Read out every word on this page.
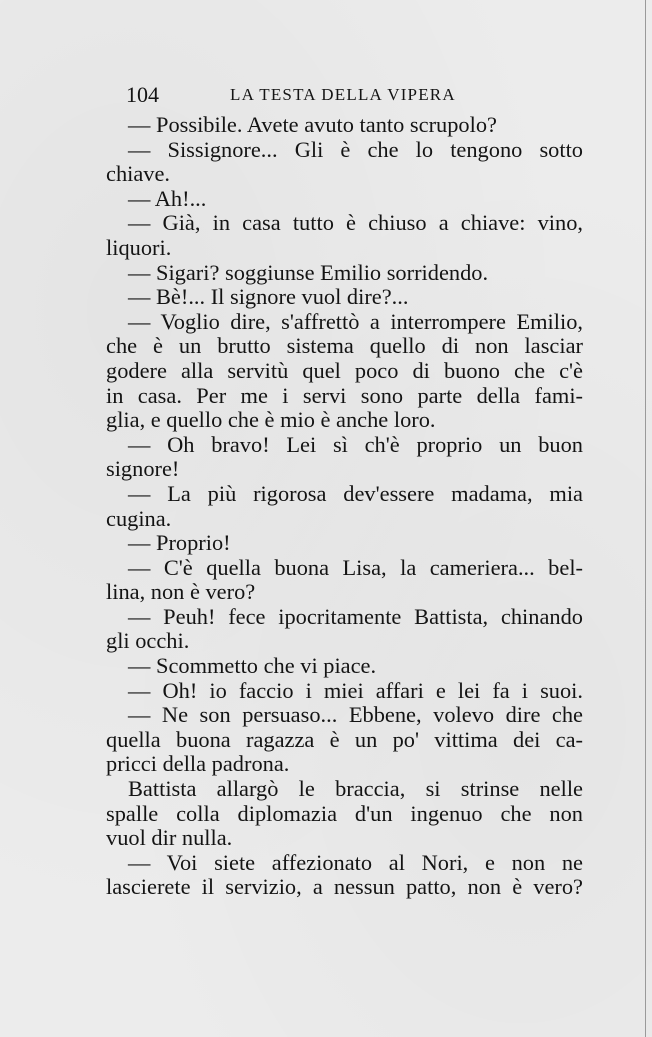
104	LA TESTA DELLA VIPERA
— Possibile. Avete avuto tanto scrupolo?
— Sissignore... Gli è che lo tengono sotto
chiave.
— Ah!...
— Già, in casa tutto è chiuso a chiave: vino,
liquori.
— Sigari? soggiunse Emilio sorridendo.
— Bè!... Il signore vuol dire?...
— Voglio dire, s'affrettò a interrompere Emilio,
che è un brutto sistema quello di non lasciar
godere alla servitù quel poco di buono che c'è
in casa. Per me i servi sono parte della fami-
glia, e quello che è mio è anche loro.
— Oh bravo! Lei sì ch'è proprio un buon
signore!
— La più rigorosa dev'essere madama, mia
cugina.
— Proprio!
— C'è quella buona Lisa, la cameriera... bel-
lina, non è vero?
— Peuh! fece ipocritamente Battista, chinando
gli occhi.
— Scommetto che vi piace.
— Oh! io faccio i miei affari e lei fa i suoi.
— Ne son persuaso... Ebbene, volevo dire che
quella buona ragazza è un po' vittima dei ca-
pricci della padrona.
Battista allargò le braccia, si strinse nelle
spalle colla diplomazia d'un ingenuo che non
vuol dir nulla.
— Voi siete affezionato al Nori, e non ne
lascierete il servizio, a nessun patto, non è vero?
